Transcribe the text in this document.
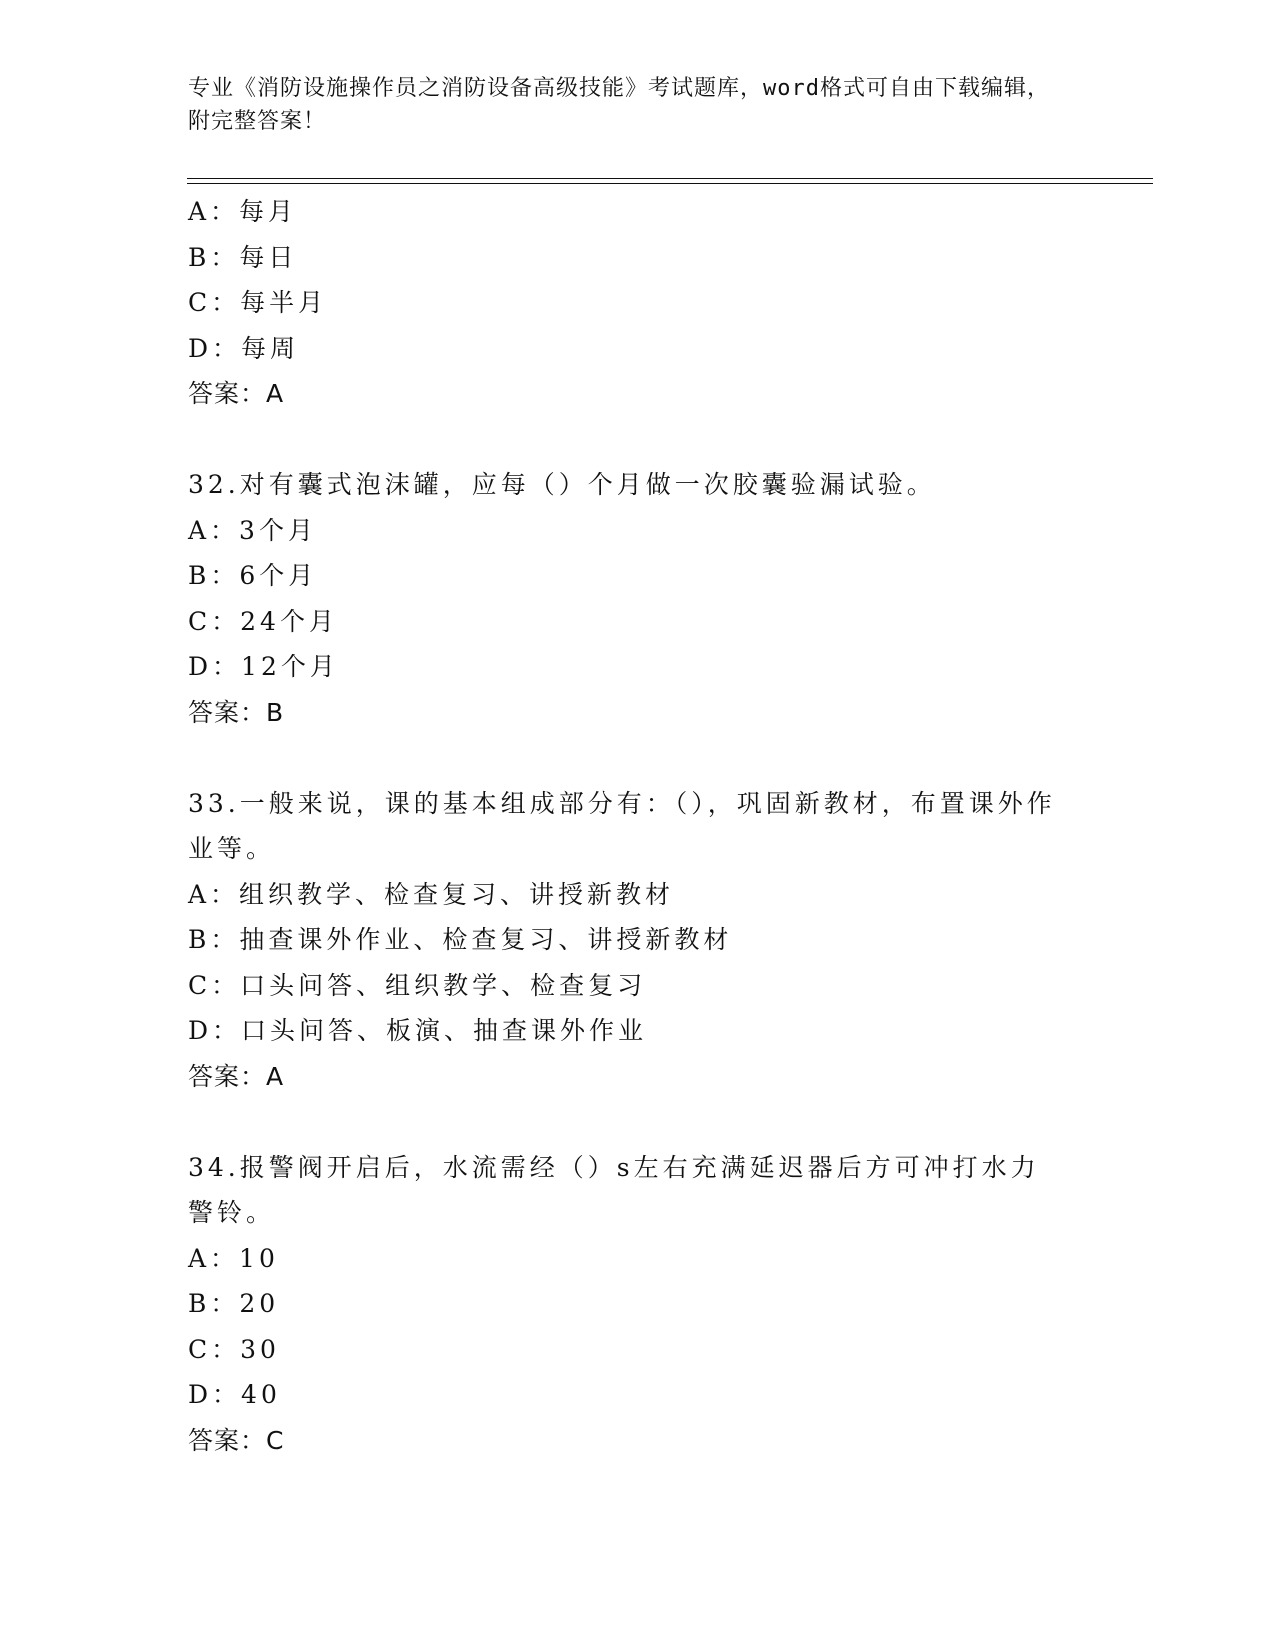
专业《消防设施操作员之消防设备高级技能》考试题库，word格式可自由下载编辑，附完整答案！
A：每月
B：每日
C：每半月
D：每周
答案：A
32.对有囊式泡沫罐，应每（）个月做一次胶囊验漏试验。
A：3个月
B：6个月
C：24个月
D：12个月
答案：B
33.一般来说，课的基本组成部分有：（），巩固新教材，布置课外作业等。
A：组织教学、检查复习、讲授新教材
B：抽查课外作业、检查复习、讲授新教材
C：口头问答、组织教学、检查复习
D：口头问答、板演、抽查课外作业
答案：A
34.报警阀开启后，水流需经（）s左右充满延迟器后方可冲打水力警铃。
A：10
B：20
C：30
D：40
答案：C
